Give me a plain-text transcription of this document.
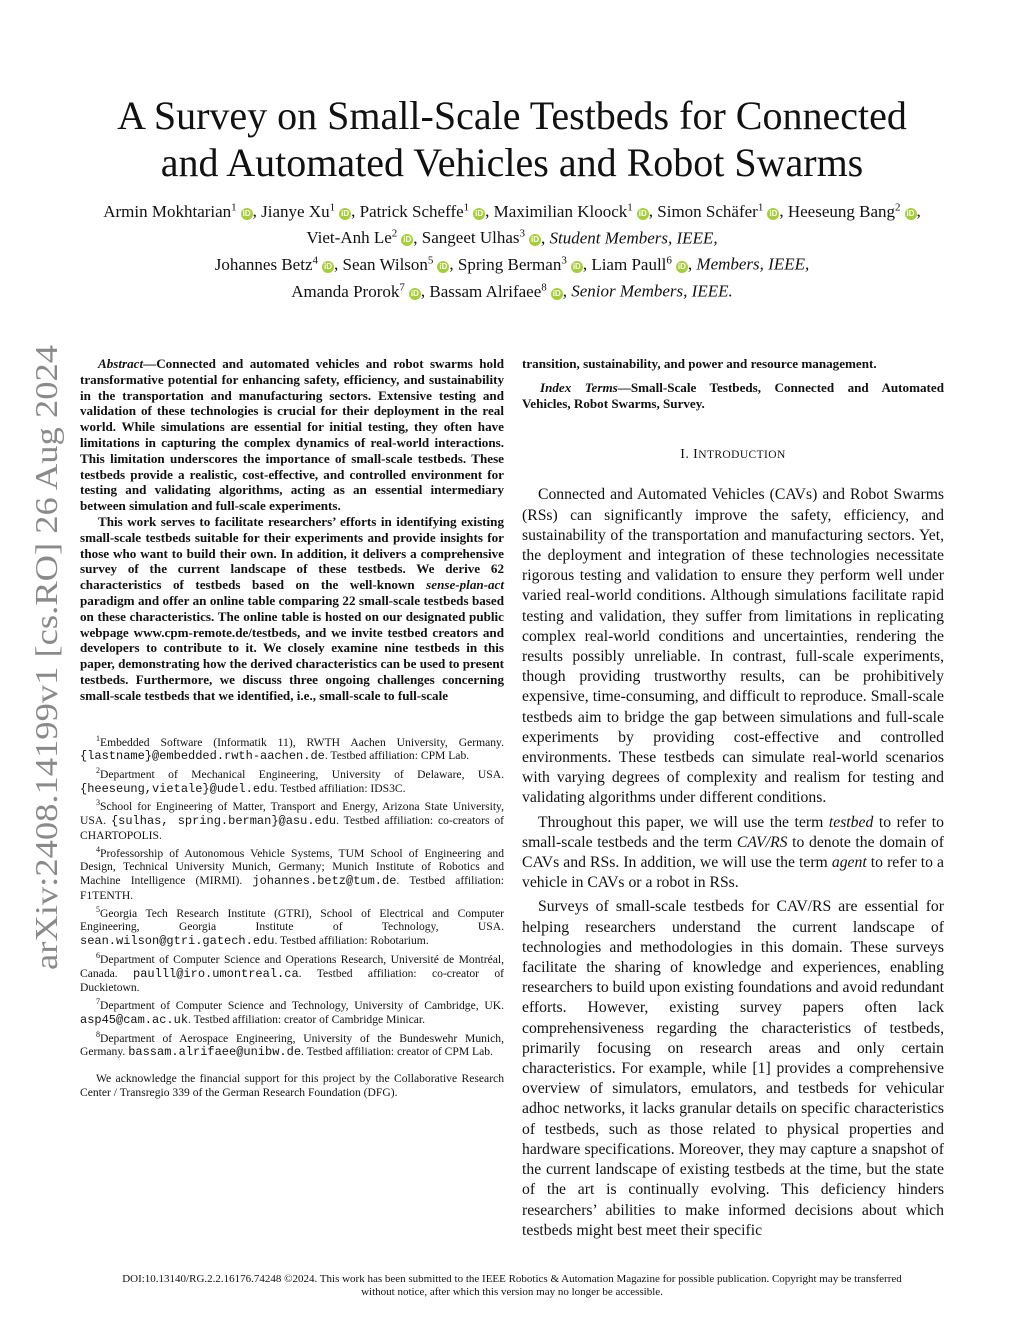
arXiv:2408.14199v1 [cs.RO] 26 Aug 2024
A Survey on Small-Scale Testbeds for Connected
and Automated Vehicles and Robot Swarms
Armin Mokhtarian$^1$iD , Jianye Xu$^1$iD , Patrick Scheffe$^1$iD , Maximilian Kloock$^1$iD , Simon Schäfer$^1$iD , Heeseung Bang$^2$iD , Viet-Anh Le$^2$iD , Sangeet Ulhas$^3$iD , Student Members, IEEE,
Johannes Betz$^4$iD , Sean Wilson$^5$iD , Spring Berman$^3$iD , Liam Paull$^6$iD , Members, IEEE,
Amanda Prorok$^7$iD , Bassam Alrifaee$^8$iD , Senior Members, IEEE.

Abstract—Connected and automated vehicles and robot swarms hold transformative potential for enhancing safety, efficiency, and sustainability in the transportation and manufacturing sectors. Extensive testing and validation of these technologies is crucial for their deployment in the real world. While simulations are essential for initial testing, they often have limitations in capturing the complex dynamics of real-world interactions. This limitation underscores the importance of small-scale testbeds. These testbeds provide a realistic, cost-effective, and controlled environment for testing and validating algorithms, acting as an essential intermediary between simulation and full-scale experiments.

This work serves to facilitate researchers’ efforts in identifying existing small-scale testbeds suitable for their experiments and provide insights for those who want to build their own. In addition, it delivers a comprehensive survey of the current landscape of these testbeds. We derive 62 characteristics of testbeds based on the well-known sense-plan-act paradigm and offer an online table comparing 22 small-scale testbeds based on these characteristics. The online table is hosted on our designated public webpage www.cpm-remote.de/testbeds, and we invite testbed creators and developers to contribute to it. We closely examine nine testbeds in this paper, demonstrating how the derived characteristics can be used to present testbeds. Furthermore, we discuss three ongoing challenges concerning small-scale testbeds that we identified, i.e., small-scale to full-scale

$^1$Embedded Software (Informatik 11), RWTH Aachen University, Germany. {lastname}@embedded.rwth-aachen.de. Testbed affiliation: CPM Lab.

$^2$Department of Mechanical Engineering, University of Delaware, USA. {heeseung,vietale}@udel.edu. Testbed affiliation: IDS3C.

$^3$School for Engineering of Matter, Transport and Energy, Arizona State University, USA. {sulhas, spring.berman}@asu.edu. Testbed affiliation: co-creators of CHARTOPOLIS.

$^4$Professorship of Autonomous Vehicle Systems, TUM School of Engineering and Design, Technical University Munich, Germany; Munich Institute of Robotics and Machine Intelligence (MIRMI). johannes.betz@tum.de. Testbed affiliation: F1TENTH.

$^5$Georgia Tech Research Institute (GTRI), School of Electrical and Computer Engineering, Georgia Institute of Technology, USA. sean.wilson@gtri.gatech.edu. Testbed affiliation: Robotarium.

$^6$Department of Computer Science and Operations Research, Université de Montréal, Canada. paulll@iro.umontreal.ca. Testbed affiliation: co-creator of Duckietown.

$^7$Department of Computer Science and Technology, University of Cambridge, UK. asp45@cam.ac.uk. Testbed affiliation: creator of Cambridge Minicar.

$^8$Department of Aerospace Engineering, University of the Bundeswehr Munich, Germany. bassam.alrifaee@unibw.de. Testbed affiliation: creator of CPM Lab.

We acknowledge the financial support for this project by the Collaborative Research Center / Transregio 339 of the German Research Foundation (DFG).

transition, sustainability, and power and resource management.

Index Terms—Small-Scale Testbeds, Connected and Automated Vehicles, Robot Swarms, Survey.

I. INTRODUCTION

Connected and Automated Vehicles (CAVs) and Robot Swarms (RSs) can significantly improve the safety, efficiency, and sustainability of the transportation and manufacturing sectors. Yet, the deployment and integration of these technologies necessitate rigorous testing and validation to ensure they perform well under varied real-world conditions. Although simulations facilitate rapid testing and validation, they suffer from limitations in replicating complex real-world conditions and uncertainties, rendering the results possibly unreliable. In contrast, full-scale experiments, though providing trustworthy results, can be prohibitively expensive, time-consuming, and difficult to reproduce. Small-scale testbeds aim to bridge the gap between simulations and full-scale experiments by providing cost-effective and controlled environments. These testbeds can simulate real-world scenarios with varying degrees of complexity and realism for testing and validating algorithms under different conditions.

Throughout this paper, we will use the term testbed to refer to small-scale testbeds and the term CAV/RS to denote the domain of CAVs and RSs. In addition, we will use the term agent to refer to a vehicle in CAVs or a robot in RSs.

Surveys of small-scale testbeds for CAV/RS are essential for helping researchers understand the current landscape of technologies and methodologies in this domain. These surveys facilitate the sharing of knowledge and experiences, enabling researchers to build upon existing foundations and avoid redundant efforts. However, existing survey papers often lack comprehensiveness regarding the characteristics of testbeds, primarily focusing on research areas and only certain characteristics. For example, while [1] provides a comprehensive overview of simulators, emulators, and testbeds for vehicular adhoc networks, it lacks granular details on specific characteristics of testbeds, such as those related to physical properties and hardware specifications. Moreover, they may capture a snapshot of the current landscape of existing testbeds at the time, but the state of the art is continually evolving. This deficiency hinders researchers’ abilities to make informed decisions about which testbeds might best meet their specific

DOI:10.13140/RG.2.2.16176.74248 ©2024. This work has been submitted to the IEEE Robotics & Automation Magazine for possible publication. Copyright may be transferred
without notice, after which this version may no longer be accessible.
